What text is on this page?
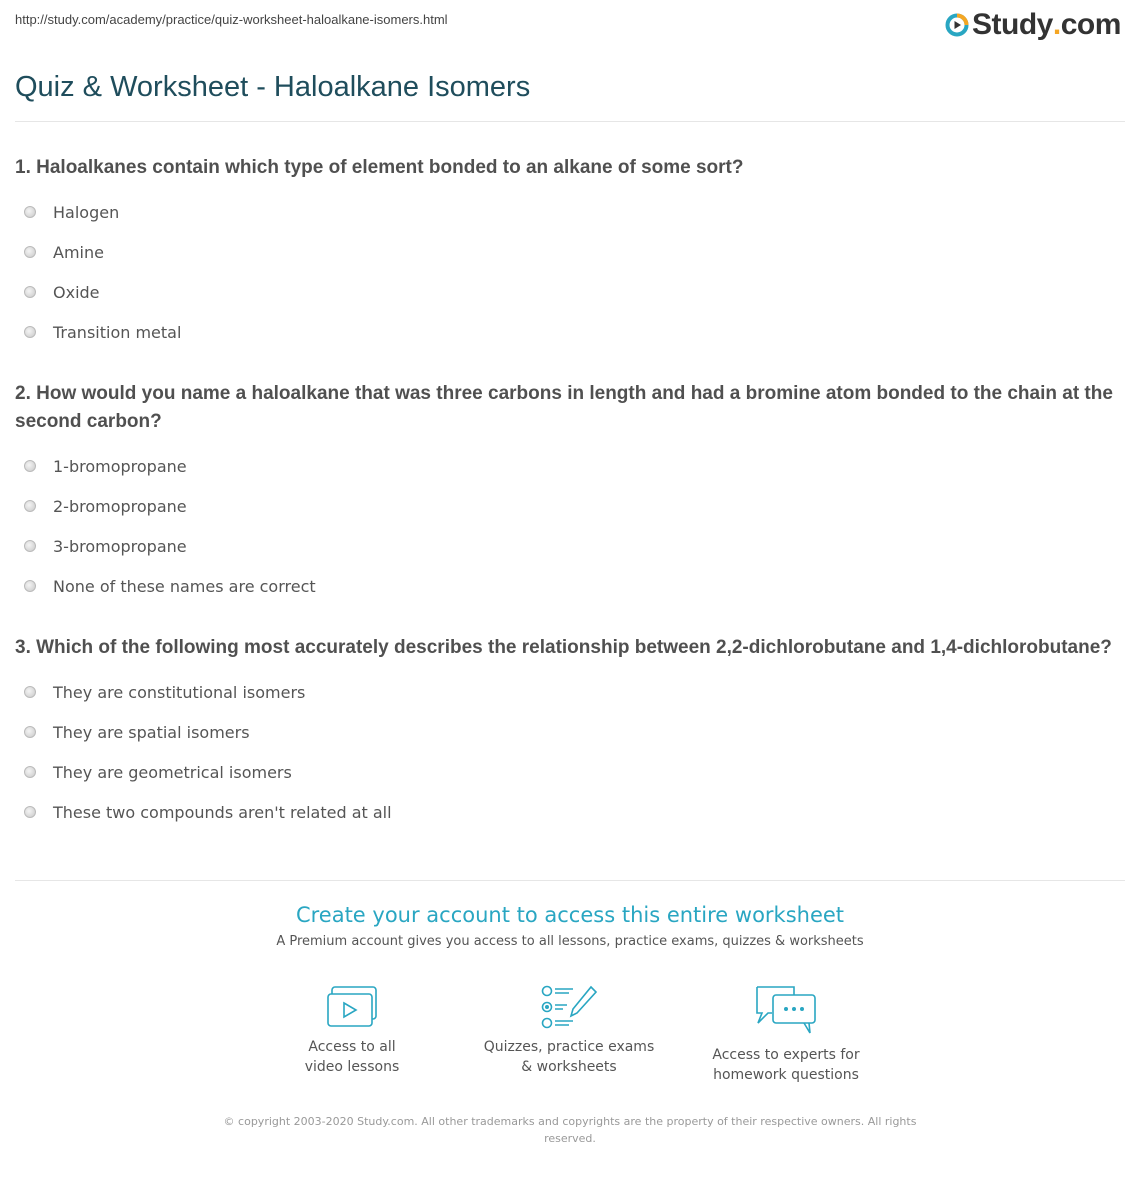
http://study.com/academy/practice/quiz-worksheet-haloalkane-isomers.html	Study . com
Quiz & Worksheet - Haloalkane Isomers
1. Haloalkanes contain which type of element bonded to an alkane of some sort?
Halogen
Amine
Oxide
Transition metal
2. How would you name a haloalkane that was three carbons in length and had a bromine atom bonded to the chain at the second carbon?
1-bromopropane
2-bromopropane
3-bromopropane
None of these names are correct
3. Which of the following most accurately describes the relationship between 2,2-dichlorobutane and 1,4-dichlorobutane?
They are constitutional isomers
They are spatial isomers
They are geometrical isomers
These two compounds aren't related at all
Create your account to access this entire worksheet
A Premium account gives you access to all lessons, practice exams, quizzes & worksheets
Access to all
video lessons
Quizzes, practice exams
& worksheets
Access to experts for
homework questions
© copyright 2003-2020 Study.com. All other trademarks and copyrights are the property of their respective owners. All rights reserved.
